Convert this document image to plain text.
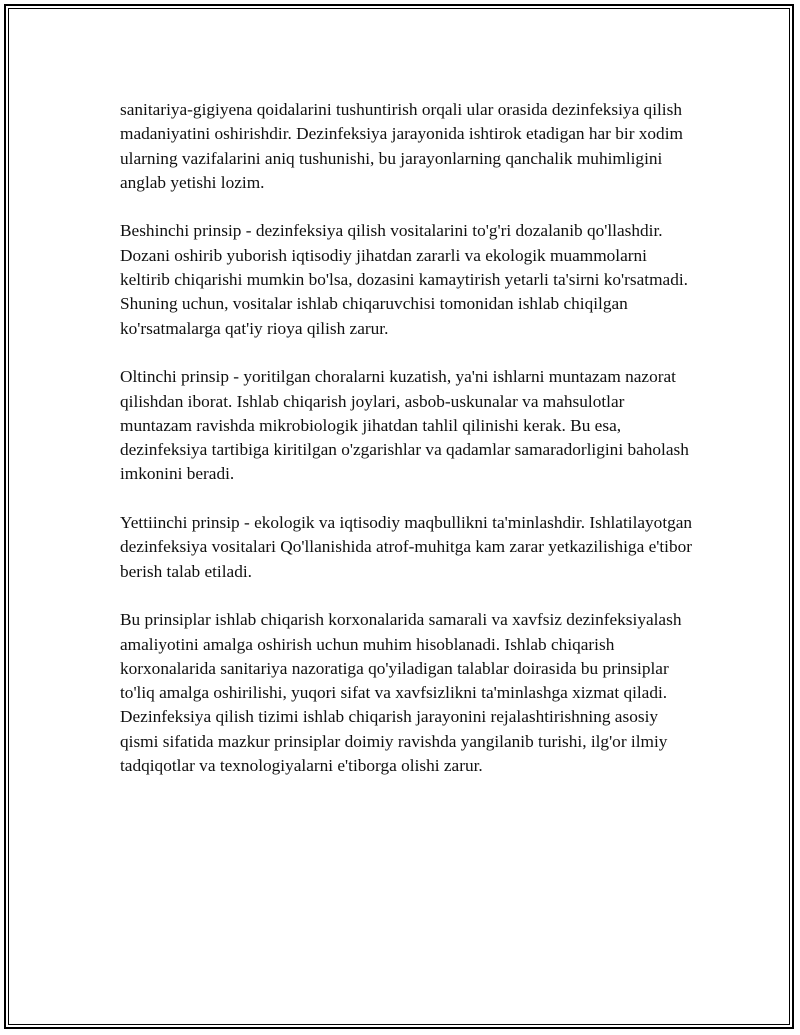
sanitariya-gigiyena qoidalarini tushuntirish orqali ular orasida dezinfeksiya qilish madaniyatini oshirishdir. Dezinfeksiya jarayonida ishtirok etadigan har bir xodim ularning vazifalarini aniq tushunishi, bu jarayonlarning qanchalik muhimligini anglab yetishi lozim.

Beshinchi prinsip - dezinfeksiya qilish vositalarini to'g'ri dozalanib qo'llashdir. Dozani oshirib yuborish iqtisodiy jihatdan zararli va ekologik muammolarni keltirib chiqarishi mumkin bo'lsa, dozasini kamaytirish yetarli ta'sirni ko'rsatmadi. Shuning uchun, vositalar ishlab chiqaruvchisi tomonidan ishlab chiqilgan ko'rsatmalarga qat'iy rioya qilish zarur.

Oltinchi prinsip - yoritilgan choralarni kuzatish, ya'ni ishlarni muntazam nazorat qilishdan iborat. Ishlab chiqarish joylari, asbob-uskunalar va mahsulotlar muntazam ravishda mikrobiologik jihatdan tahlil qilinishi kerak. Bu esa, dezinfeksiya tartibiga kiritilgan o'zgarishlar va qadamlar samaradorligini baholash imkonini beradi.

Yettiinchi prinsip - ekologik va iqtisodiy maqbullikni ta'minlashdir. Ishlatilayotgan dezinfeksiya vositalari Qo'llanishida atrof-muhitga kam zarar yetkazilishiga e'tibor berish talab etiladi.

Bu prinsiplar ishlab chiqarish korxonalarida samarali va xavfsiz dezinfeksiyalash amaliyotini amalga oshirish uchun muhim hisoblanadi. Ishlab chiqarish korxonalarida sanitariya nazoratiga qo'yiladigan talablar doirasida bu prinsiplar to'liq amalga oshirilishi, yuqori sifat va xavfsizlikni ta'minlashga xizmat qiladi. Dezinfeksiya qilish tizimi ishlab chiqarish jarayonini rejalashtirishning asosiy qismi sifatida mazkur prinsiplar doimiy ravishda yangilanib turishi, ilg'or ilmiy tadqiqotlar va texnologiyalarni e'tiborga olishi zarur.
